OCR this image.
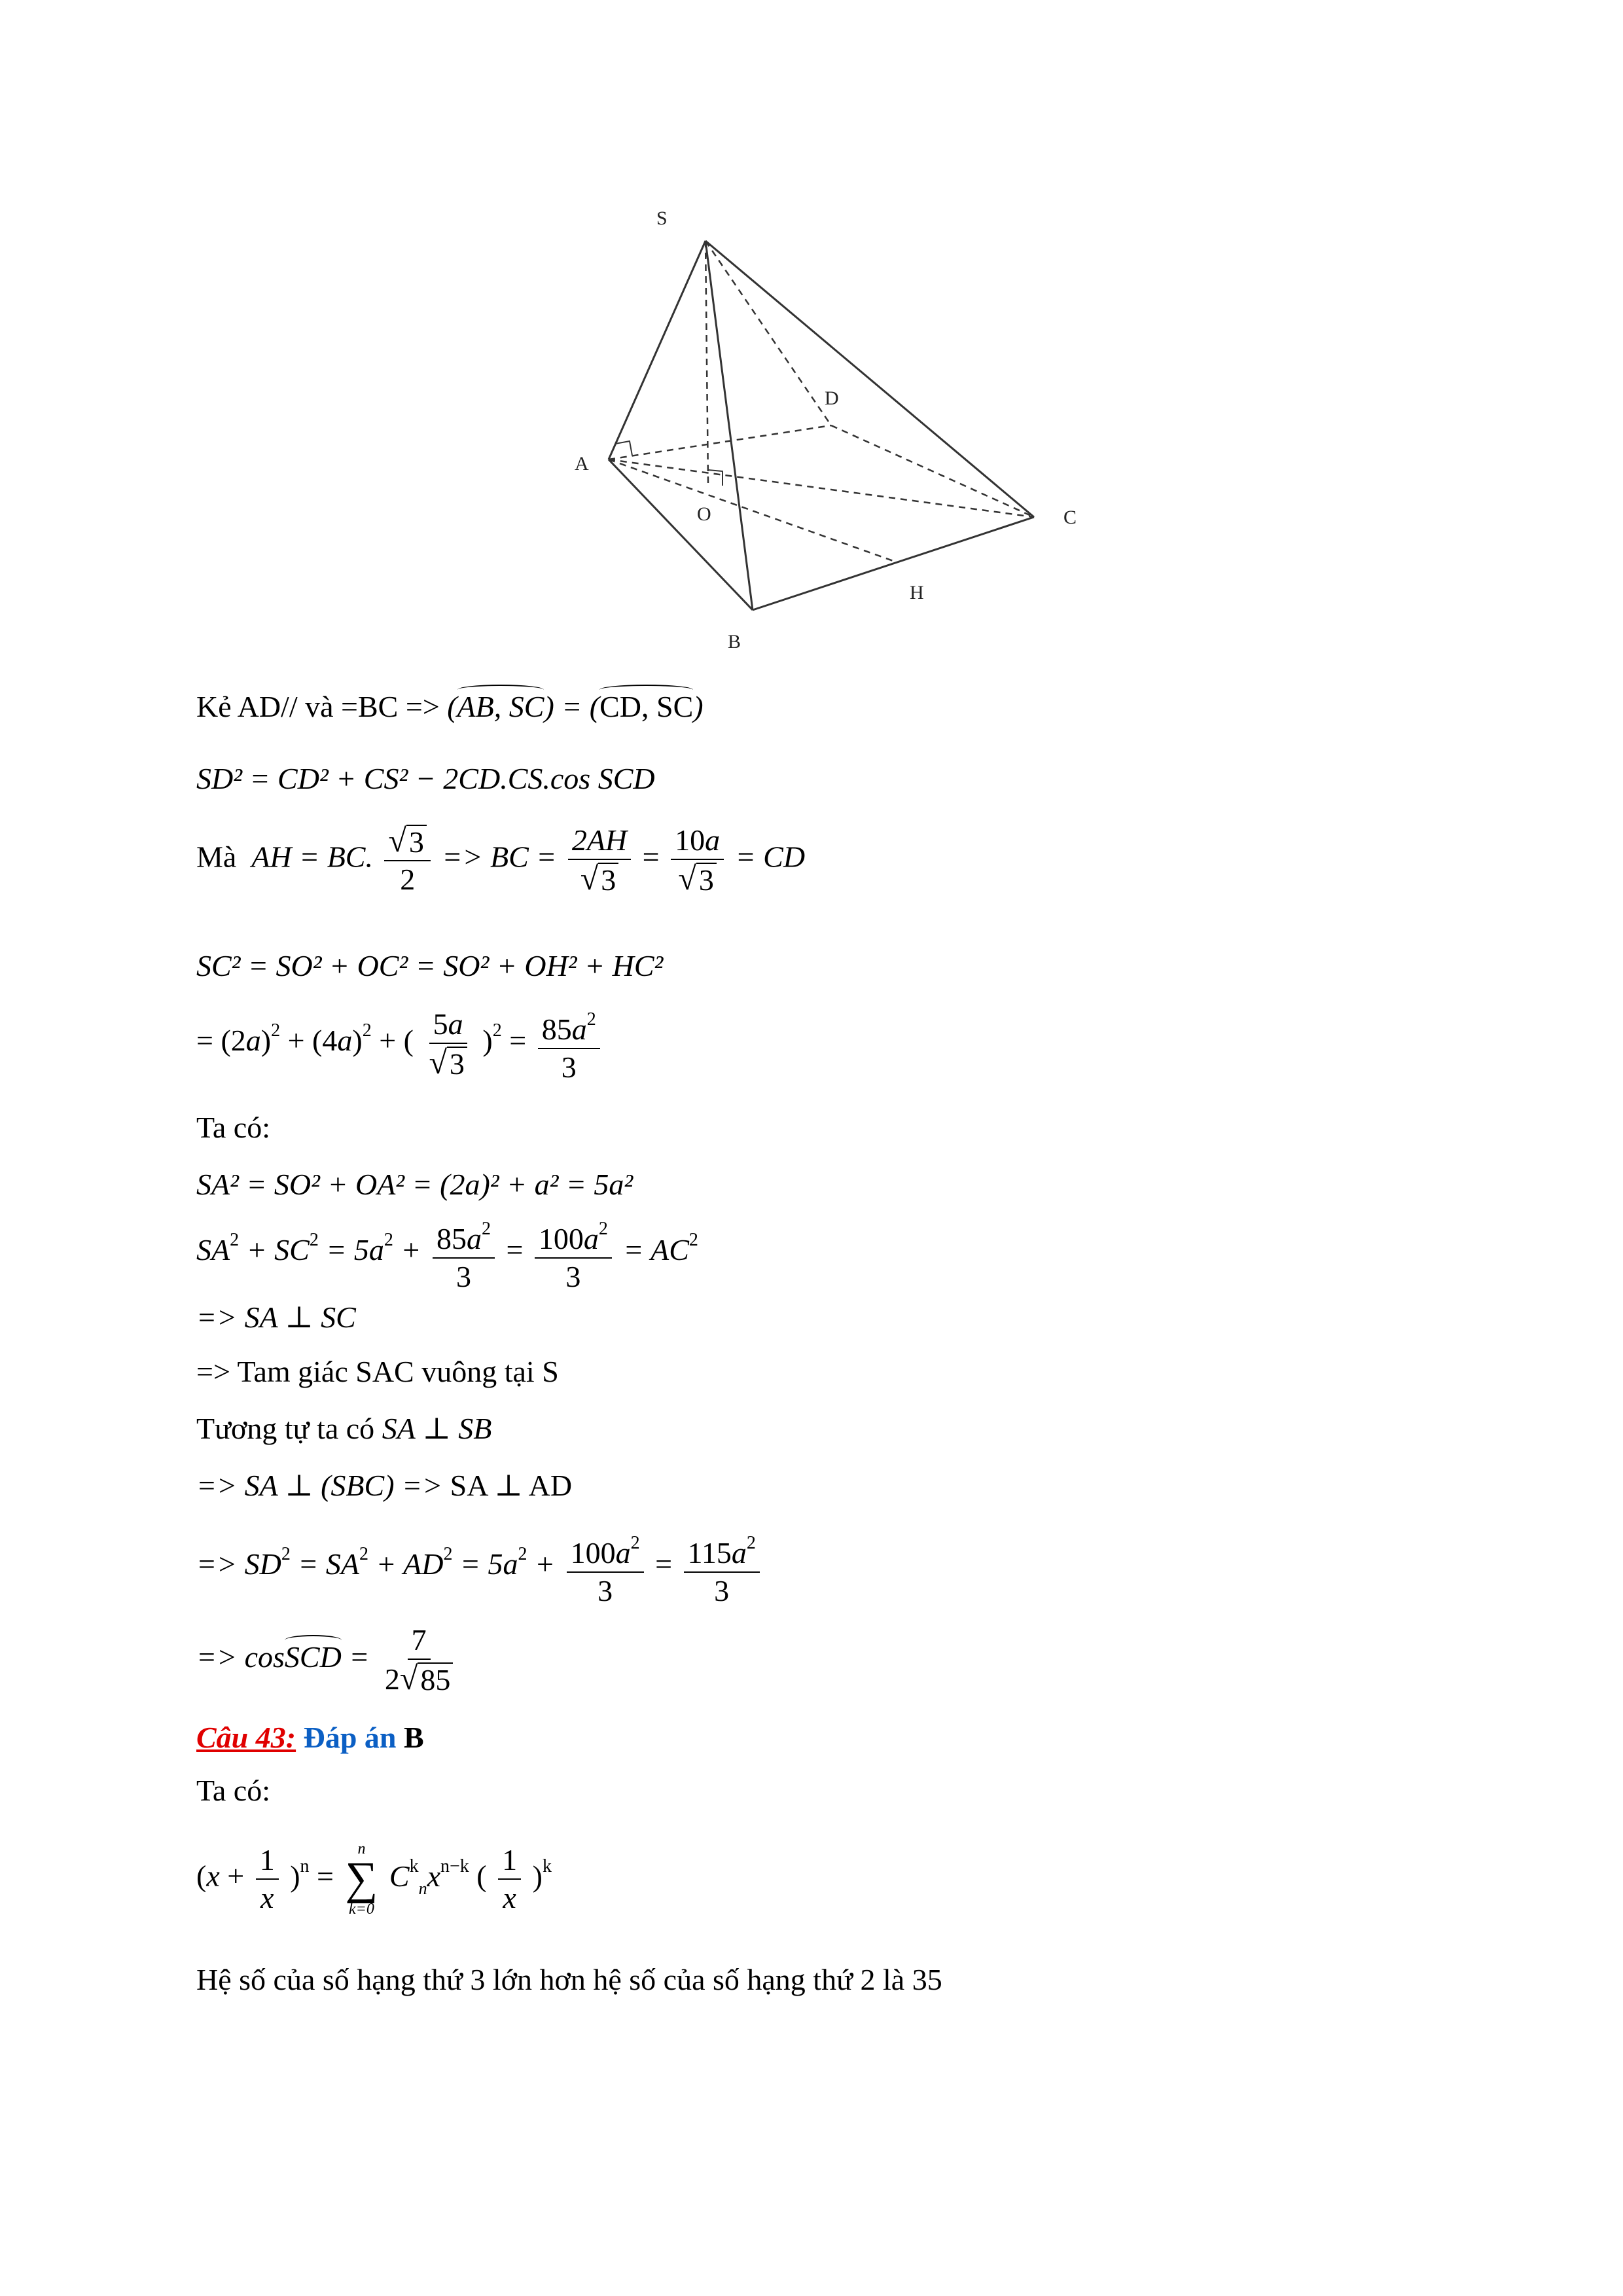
S
D
A
O	C
H
B
Kẻ AD// và =BC => (AB, SC) = (CD, SC)
SD² = CD² + CS² − 2CD.CS.cos SCD
Mà  AH = BC. $\frac{√ 3}{2}$ => BC = $\frac{2AH}{√ 3} = \frac{10a}{√ 3}$ = CD
SC² = SO² + OC² = SO² + OH² + HC²
= $(2a)^2 + (4a)^2$ + ( $\frac{5a}{√ 3} )^2 = \frac{85a^2}{3}$
Ta có:
SA² = SO² + OA² = (2a)² + a² = 5a²
$SA^2 + SC^2 = 5a^2 + \frac{85a^2}{3} = \frac{100a^2}{3} = AC^2$
=> SA ⊥ SC
=> Tam giác SAC vuông tại S
Tương tự ta có SA ⊥ SB
=> SA ⊥ (SBC) => SA ⊥ AD
=> $SD^2 = SA^2 + AD^2 = 5a^2 + \frac{100a^2}{3} = \frac{115a^2}{3}$
=> cosSCD = $\frac{7}{2 √ 85}$
Câu 43: Đáp án B
Ta có:
$(x + \frac{1}{x} )^n$ =
n
∑
k=0
$C^k_nx^{n-k}$ ( $\frac{1}{x} )^k$
Hệ số của số hạng thứ 3 lớn hơn hệ số của số hạng thứ 2 là 35
